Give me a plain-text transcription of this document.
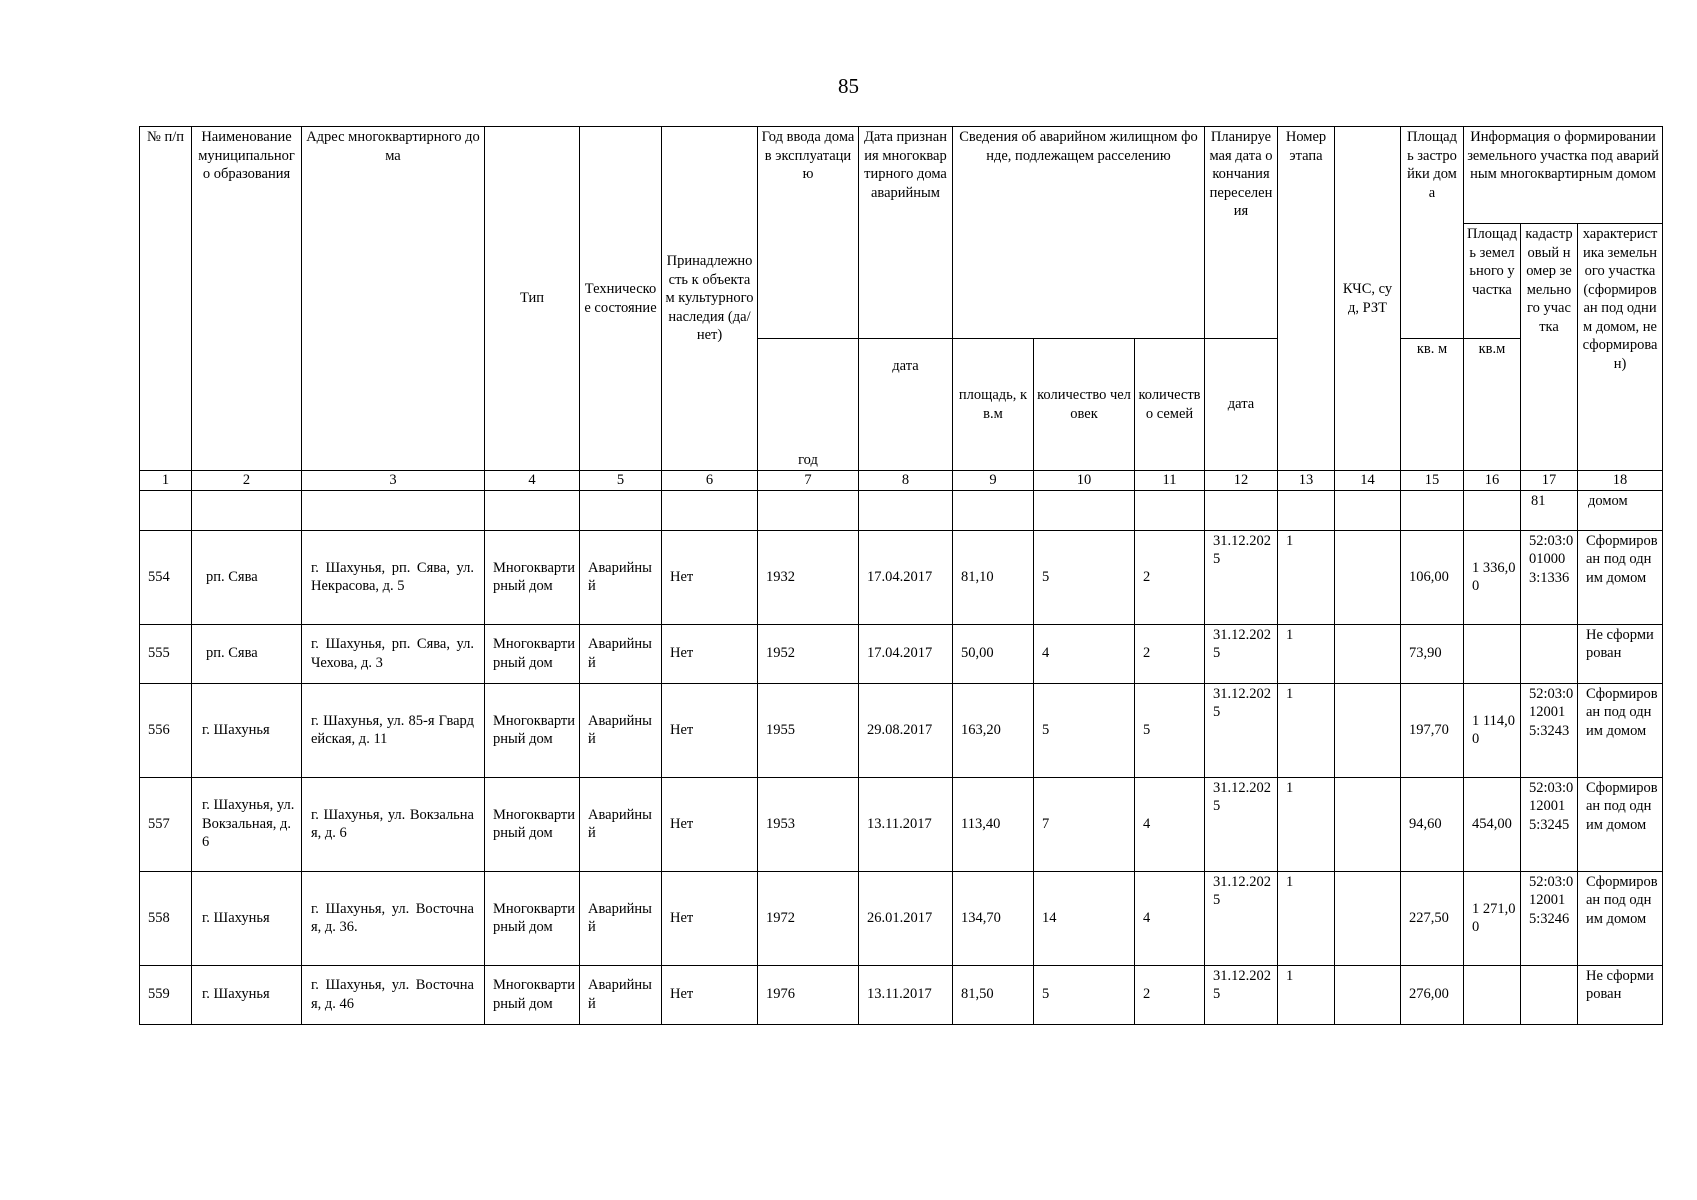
85
№ п/п	Наименование муниципального образования	Адрес многоквартирного дома	Тип	Техническое состояние	Принадлежность к объектам культурного наследия (да/нет)	Год ввода дома в эксплуатацию	Дата признания многоквартирного дома аварийным	Сведения об аварийном жилищном фонде, подлежащем расселению			Планируемая дата окончания переселения	Номер этапа	КЧС, суд, РЗТ	Площадь застройки дома	Информация о формировании земельного участка под аварийным многоквартирным домом		
															Площадь земельного участка	кадастровый номер земельного участка	характеристика земельного участка (сформирован под одним домом, не сформирован)
						год	дата	площадь, кв.м	количество человек	количество семей	дата			кв. м	кв.м		
1	2	3	4	5	6	7	8	9	10	11	12	13	14	15	16	17	18
																81	домом
554	рп. Сява	г. Шахунья, рп. Сява, ул. Некрасова, д. 5	Многоквартирный дом	Аварийный	Нет	1932	17.04.2017	81,10	5	2	31.12.2025	1		106,00	1 336,00	52:03:0010003:1336	Сформирован под одним домом
555	рп. Сява	г. Шахунья, рп. Сява, ул. Чехова, д. 3	Многоквартирный дом	Аварийный	Нет	1952	17.04.2017	50,00	4	2	31.12.2025	1		73,90			Не сформирован
556	г. Шахунья	г. Шахунья, ул. 85-я Гвардейская, д. 11	Многоквартирный дом	Аварийный	Нет	1955	29.08.2017	163,20	5	5	31.12.2025	1		197,70	1 114,00	52:03:0120015:3243	Сформирован под одним домом
557	г. Шахунья, ул. Вокзальная, д. 6	г. Шахунья, ул. Вокзальная, д. 6	Многоквартирный дом	Аварийный	Нет	1953	13.11.2017	113,40	7	4	31.12.2025	1		94,60	454,00	52:03:0120015:3245	Сформирован под одним домом
558	г. Шахунья	г. Шахунья, ул. Восточная, д. 36.	Многоквартирный дом	Аварийный	Нет	1972	26.01.2017	134,70	14	4	31.12.2025	1		227,50	1 271,00	52:03:0120015:3246	Сформирован под одним домом
559	г. Шахунья	г. Шахунья, ул. Восточная, д. 46	Многоквартирный дом	Аварийный	Нет	1976	13.11.2017	81,50	5	2	31.12.2025	1		276,00			Не сформирован
